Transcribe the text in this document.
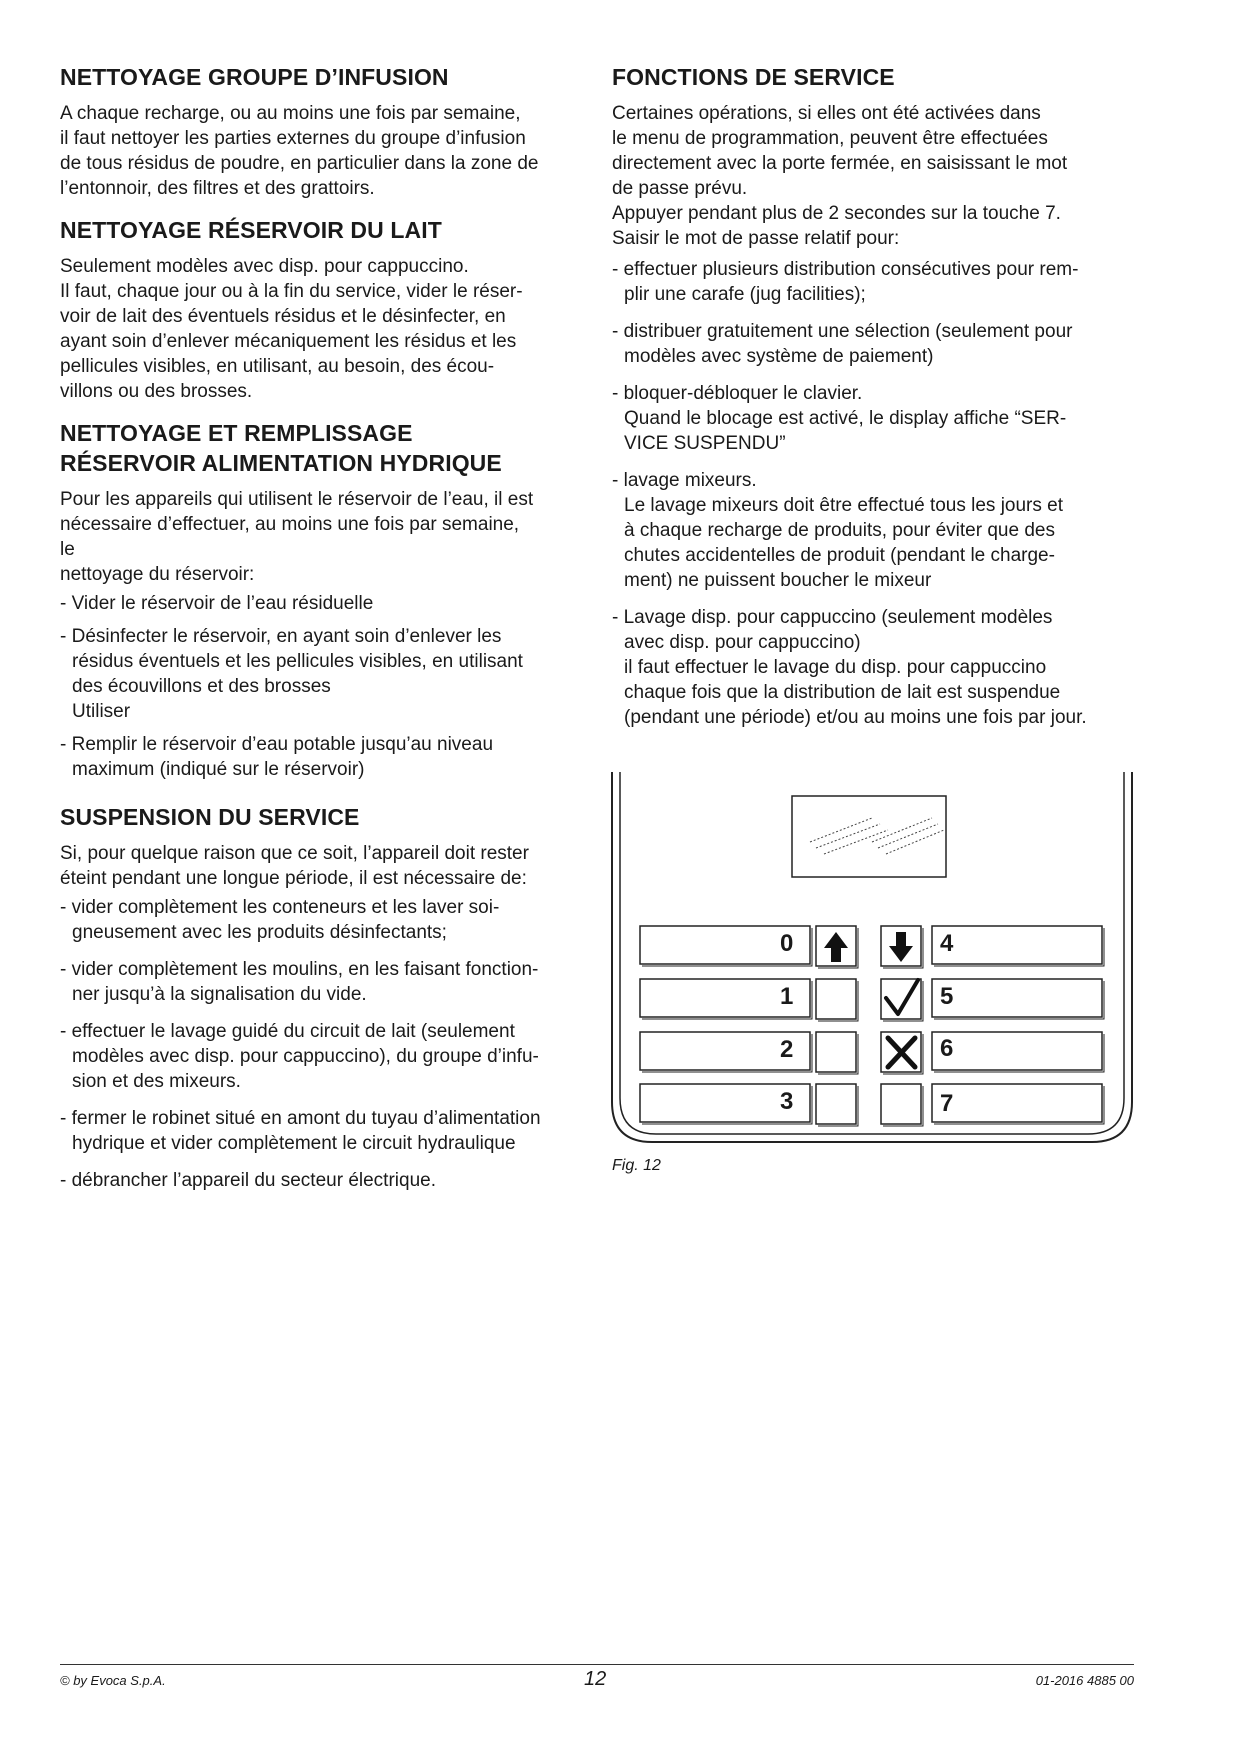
NETTOYAGE GROUPE D’INFUSION

A chaque recharge, ou au moins une fois par semaine,
il faut nettoyer les parties externes du groupe d’infusion
de tous résidus de poudre, en particulier dans la zone de
l’entonnoir, des filtres et des grattoirs.

NETTOYAGE RÉSERVOIR DU LAIT

Seulement modèles avec disp. pour cappuccino.
Il faut, chaque jour ou à la fin du service, vider le réser-
voir de lait des éventuels résidus et le désinfecter, en
ayant soin d’enlever mécaniquement les résidus et les
pellicules visibles, en utilisant, au besoin, des écou-
villons ou des brosses.

NETTOYAGE ET REMPLISSAGE
RÉSERVOIR ALIMENTATION HYDRIQUE

Pour les appareils qui utilisent le réservoir de l’eau, il est
nécessaire d’effectuer, au moins une fois par semaine,
le
nettoyage du réservoir:

- Vider le réservoir de l’eau résiduelle
- Désinfecter le réservoir, en ayant soin d’enlever les
résidus éventuels et les pellicules visibles, en utilisant
des écouvillons et des brosses
Utiliser
- Remplir le réservoir d’eau potable jusqu’au niveau
maximum (indiqué sur le réservoir)
SUSPENSION DU SERVICE

Si, pour quelque raison que ce soit, l’appareil doit rester
éteint pendant une longue période, il est nécessaire de:

- vider complètement les conteneurs et les laver soi-
gneusement avec les produits désinfectants;
- vider complètement les moulins, en les faisant fonction-
ner jusqu’à la signalisation du vide.
- effectuer le lavage guidé du circuit de lait (seulement
modèles avec disp. pour cappuccino), du groupe d’infu-
sion et des mixeurs.
- fermer le robinet situé en amont du tuyau d’alimentation
hydrique et vider complètement le circuit hydraulique
- débrancher l’appareil du secteur électrique.
FONCTIONS DE SERVICE

Certaines opérations, si elles ont été activées dans
le menu de programmation, peuvent être effectuées
directement avec la porte fermée, en saisissant le mot
de passe prévu.
Appuyer pendant plus de 2 secondes sur la touche 7.
Saisir le mot de passe relatif pour:

- effectuer plusieurs distribution consécutives pour rem-
plir une carafe (jug facilities);
- distribuer gratuitement une sélection (seulement pour
modèles avec système de paiement)
- bloquer-débloquer le clavier.
Quand le blocage est activé, le display affiche “SER-
VICE SUSPENDU”
- lavage mixeurs.
Le lavage mixeurs doit être effectué tous les jours et
à chaque recharge de produits, pour éviter que des
chutes accidentelles de produit (pendant le charge-
ment) ne puissent boucher le mixeur
- Lavage disp. pour cappuccino (seulement modèles
avec disp. pour cappuccino)
il faut effectuer le lavage du disp. pour cappuccino
chaque fois que la distribution de lait est suspendue
(pendant une période) et/ou au moins une fois par jour.
0
1
2
3
4
5
6
7

Fig. 12

© by Evoca S.p.A.	12	01-2016 4885 00
